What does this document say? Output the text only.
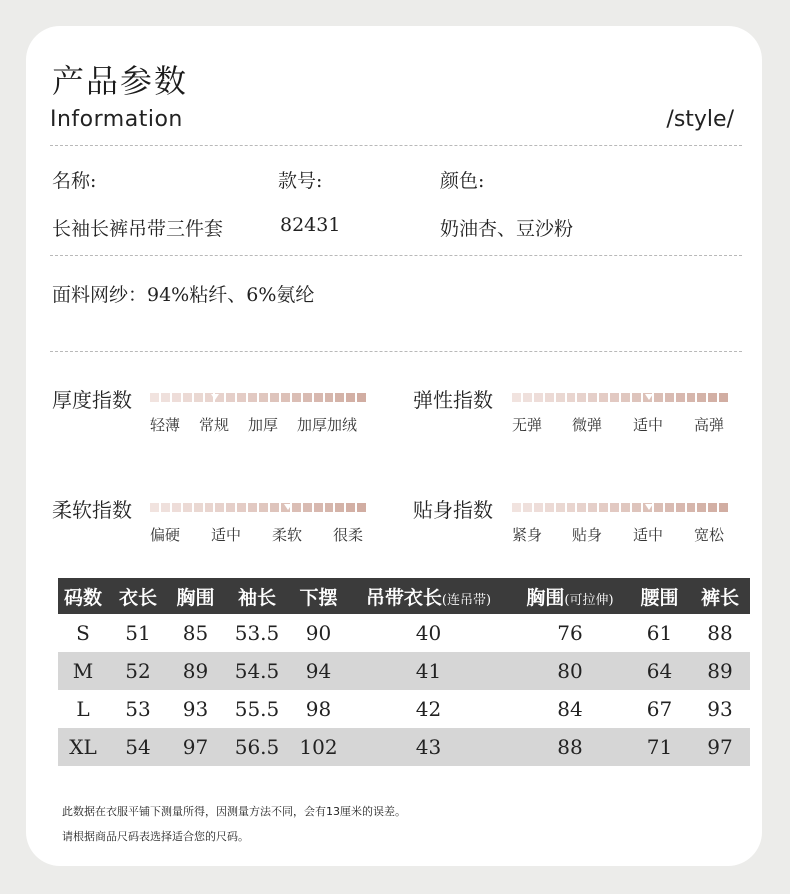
产品参数
Information	/style/
名称:	款号:	颜色:
长袖长裤吊带三件套	82431	奶油杏、豆沙粉
面料网纱：94%粘纤、6%氨纶
厚度指数
轻薄 常规 加厚 加厚加绒
弹性指数
无弹 微弹 适中 高弹
柔软指数
偏硬 适中 柔软 很柔
贴身指数
紧身 贴身 适中 宽松
码数	衣长	胸围	袖长	下摆	吊带衣长(连吊带)	胸围(可拉伸)	腰围	裤长
S	51	85	53.5	90	40	76	61	88
M	52	89	54.5	94	41	80	64	89
L	53	93	55.5	98	42	84	67	93
XL	54	97	56.5	102	43	88	71	97
此数据在衣服平铺下测量所得，因测量方法不同，会有13厘米的误差。
请根据商品尺码表选择适合您的尺码。
